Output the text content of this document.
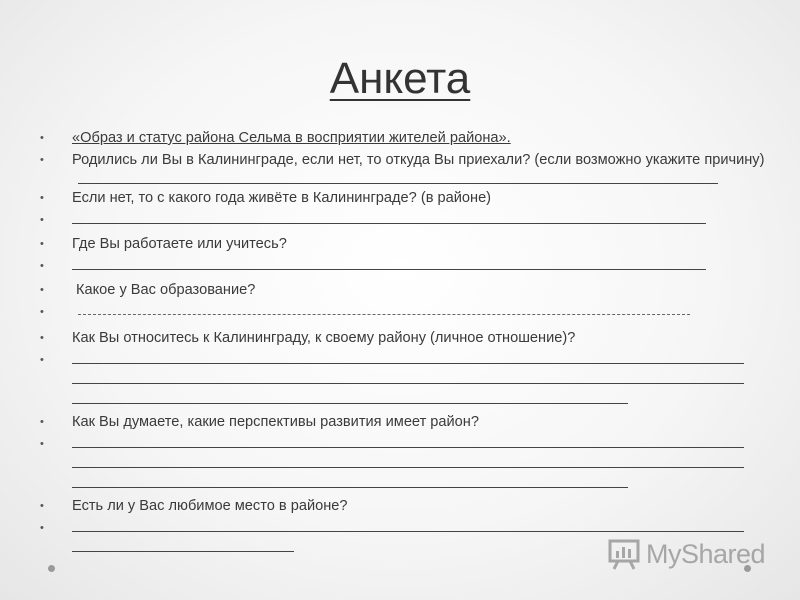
Анкета
• «Образ и статус района Сельма в восприятии жителей района».
• Родились ли Вы в Калининграде, если нет, то откуда Вы приехали? (если возможно укажите причину)
• Если нет, то с какого года живёте в Калининграде? (в районе)
•
• Где Вы работаете или учитесь?
•
• Какое у Вас образование?
•
• Как Вы относитесь к Калининграду, к своему району (личное отношение)?
•
• Как Вы думаете, какие перспективы развития имеет район?
•
• Есть ли у Вас любимое место в районе?
•
MyShared
